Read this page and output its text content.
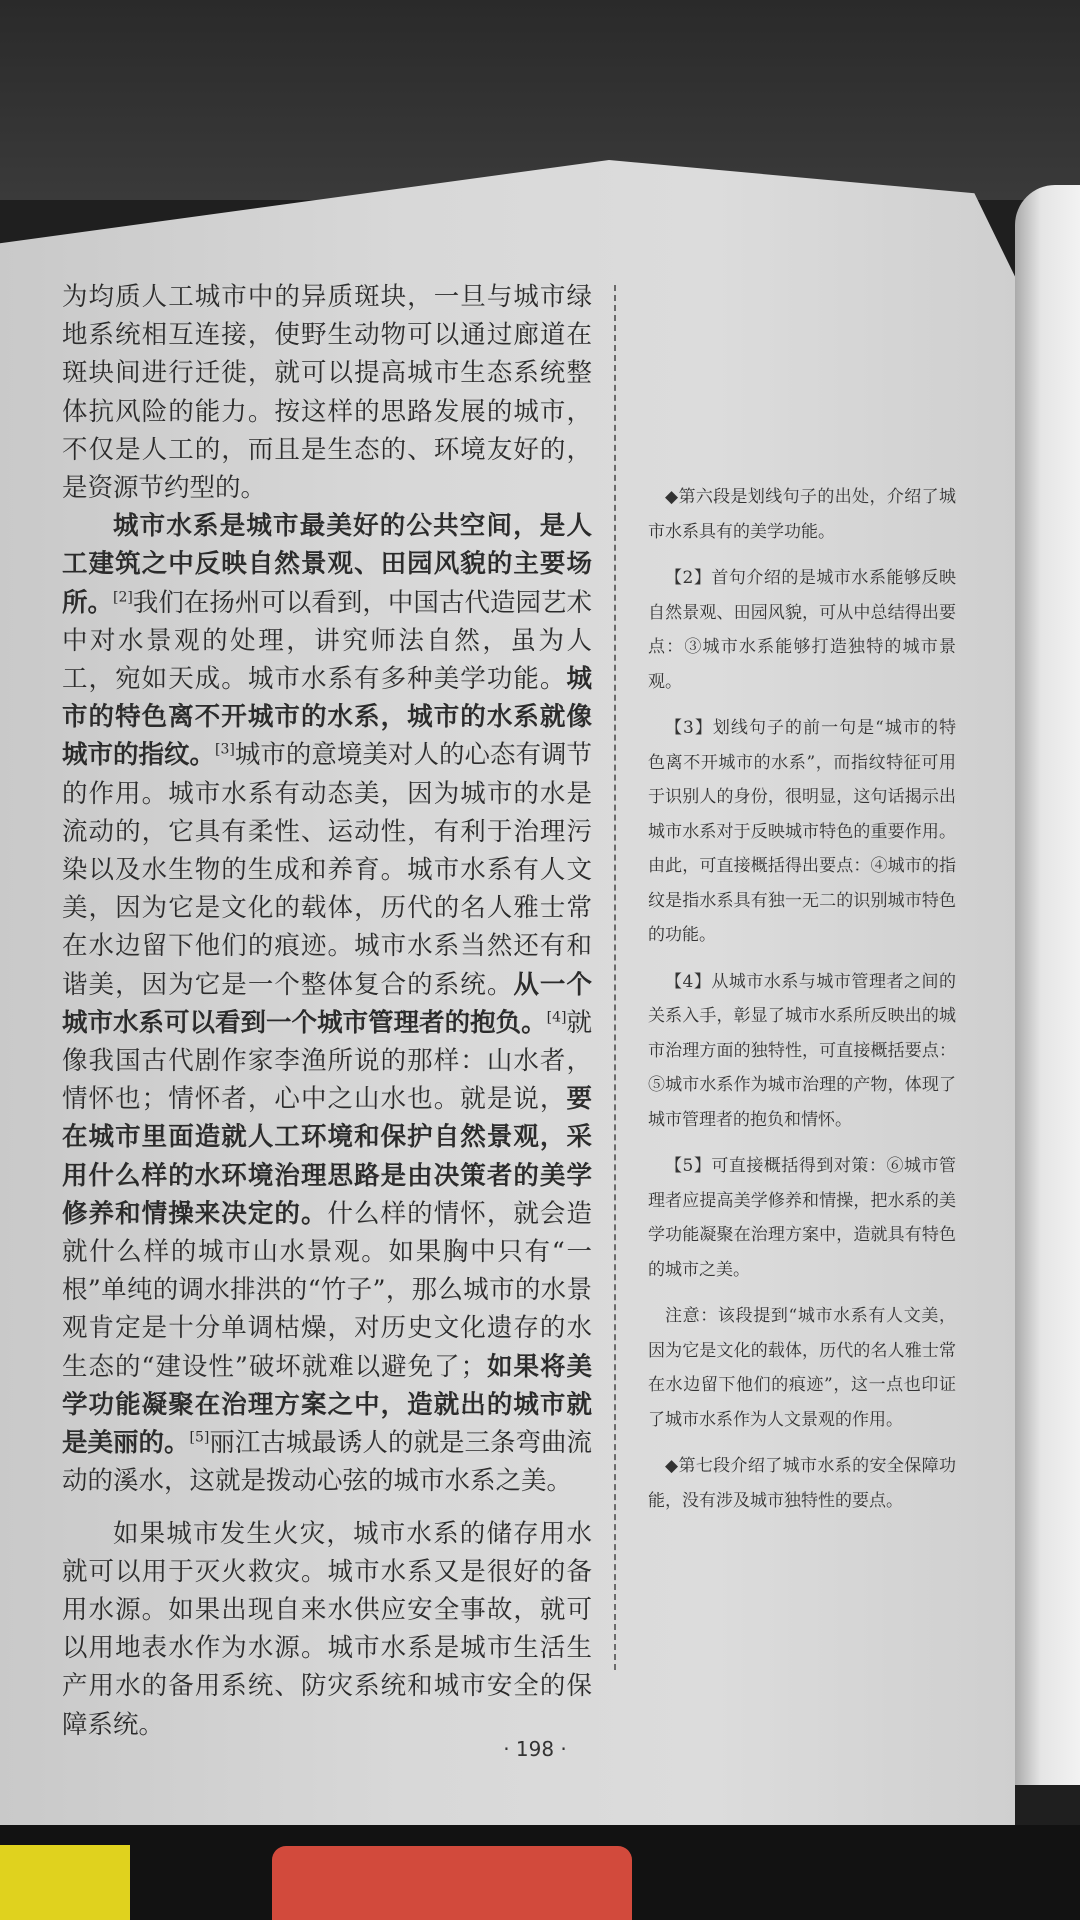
为均质人工城市中的异质斑块，一旦与城市绿地系统相互连接，使野生动物可以通过廊道在斑块间进行迁徙，就可以提高城市生态系统整体抗风险的能力。按这样的思路发展的城市，不仅是人工的，而且是生态的、环境友好的，是资源节约型的。

城市水系是城市最美好的公共空间，是人工建筑之中反映自然景观、田园风貌的主要场所。[2]我们在扬州可以看到，中国古代造园艺术中对水景观的处理，讲究师法自然，虽为人工，宛如天成。城市水系有多种美学功能。城市的特色离不开城市的水系，城市的水系就像城市的指纹。[3]城市的意境美对人的心态有调节的作用。城市水系有动态美，因为城市的水是流动的，它具有柔性、运动性，有利于治理污染以及水生物的生成和养育。城市水系有人文美，因为它是文化的载体，历代的名人雅士常在水边留下他们的痕迹。城市水系当然还有和谐美，因为它是一个整体复合的系统。从一个城市水系可以看到一个城市管理者的抱负。[4]就像我国古代剧作家李渔所说的那样：山水者，情怀也；情怀者，心中之山水也。就是说，要在城市里面造就人工环境和保护自然景观，采用什么样的水环境治理思路是由决策者的美学修养和情操来决定的。什么样的情怀，就会造就什么样的城市山水景观。如果胸中只有“一根”单纯的调水排洪的“竹子”，那么城市的水景观肯定是十分单调枯燥，对历史文化遗存的水生态的“建设性”破坏就难以避免了；如果将美学功能凝聚在治理方案之中，造就出的城市就是美丽的。[5]丽江古城最诱人的就是三条弯曲流动的溪水，这就是拨动心弦的城市水系之美。

如果城市发生火灾，城市水系的储存用水就可以用于灭火救灾。城市水系又是很好的备用水源。如果出现自来水供应安全事故，就可以用地表水作为水源。城市水系是城市生活生产用水的备用系统、防灾系统和城市安全的保障系统。

◆第六段是划线句子的出处，介绍了城市水系具有的美学功能。

【2】首句介绍的是城市水系能够反映自然景观、田园风貌，可从中总结得出要点：③城市水系能够打造独特的城市景观。

【3】划线句子的前一句是“城市的特色离不开城市的水系”，而指纹特征可用于识别人的身份，很明显，这句话揭示出城市水系对于反映城市特色的重要作用。由此，可直接概括得出要点：④城市的指纹是指水系具有独一无二的识别城市特色的功能。

【4】从城市水系与城市管理者之间的关系入手，彰显了城市水系所反映出的城市治理方面的独特性，可直接概括要点：⑤城市水系作为城市治理的产物，体现了城市管理者的抱负和情怀。

【5】可直接概括得到对策：⑥城市管理者应提高美学修养和情操，把水系的美学功能凝聚在治理方案中，造就具有特色的城市之美。

注意：该段提到“城市水系有人文美，因为它是文化的载体，历代的名人雅士常在水边留下他们的痕迹”，这一点也印证了城市水系作为人文景观的作用。

◆第七段介绍了城市水系的安全保障功能，没有涉及城市独特性的要点。

· 198 ·
